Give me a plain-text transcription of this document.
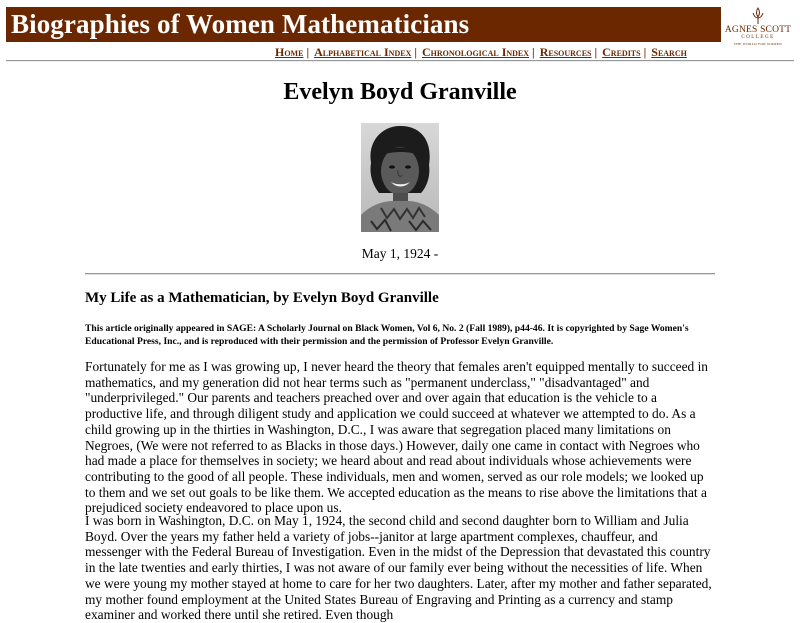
Biographies of Women Mathematicians	AGNES SCOTT
COLLEGE
THE WORLD FOR WOMEN
Home | Alphabetical Index | Chronological Index | Resources | Credits | Search
Evelyn Boyd Granville
May 1, 1924 -
My Life as a Mathematician, by Evelyn Boyd Granville
This article originally appeared in SAGE: A Scholarly Journal on Black Women, Vol 6, No. 2 (Fall 1989), p44-46. It is copyrighted by Sage Women's Educational Press, Inc., and is reproduced with their permission and the permission of Professor Evelyn Granville.

Fortunately for me as I was growing up, I never heard the theory that females aren't equipped mentally to succeed in mathematics, and my generation did not hear terms such as "permanent underclass," "disadvantaged" and "underprivileged." Our parents and teachers preached over and over again that education is the vehicle to a productive life, and through diligent study and application we could succeed at whatever we attempted to do. As a child growing up in the thirties in Washington, D.C., I was aware that segregation placed many limitations on Negroes, (We were not referred to as Blacks in those days.) However, daily one came in contact with Negroes who had made a place for themselves in society; we heard about and read about individuals whose achievements were contributing to the good of all people. These individuals, men and women, served as our role models; we looked up to them and we set out goals to be like them. We accepted education as the means to rise above the limitations that a prejudiced society endeavored to place upon us.

I was born in Washington, D.C. on May 1, 1924, the second child and second daughter born to William and Julia Boyd. Over the years my father held a variety of jobs--janitor at large apartment complexes, chauffeur, and messenger with the Federal Bureau of Investigation. Even in the midst of the Depression that devastated this country in the late twenties and early thirties, I was not aware of our family ever being without the necessities of life. When we were young my mother stayed at home to care for her two daughters. Later, after my mother and father separated, my mother found employment at the United States Bureau of Engraving and Printing as a currency and stamp examiner and worked there until she retired. Even though
